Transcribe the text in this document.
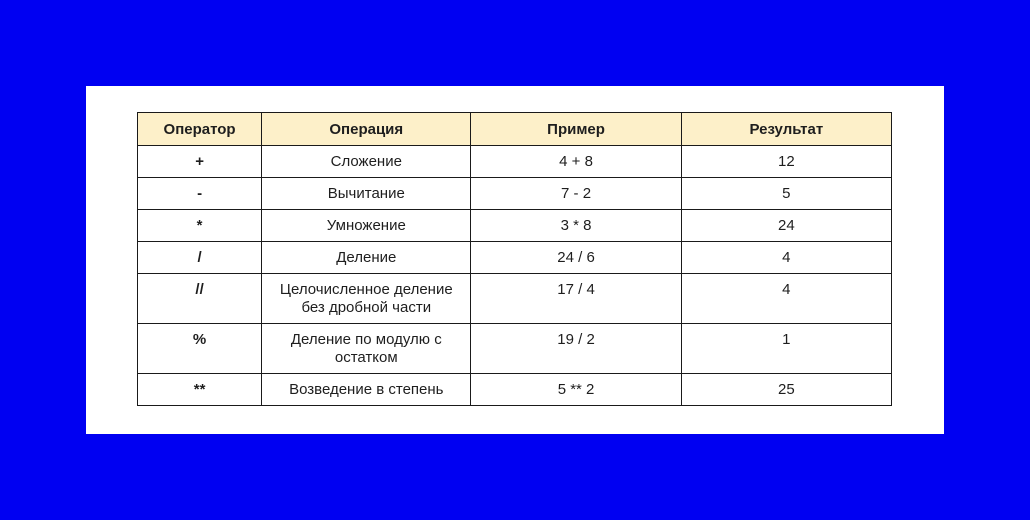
Оператор	Операция	Пример	Результат
+	Сложение	4 + 8	12
-	Вычитание	7 - 2	5
*	Умножение	3 * 8	24
/	Деление	24 / 6	4
//	Целочисленное деление без дробной части	17 / 4	4
%	Деление по модулю с остатком	19 / 2	1
**	Возведение в степень	5 ** 2	25
